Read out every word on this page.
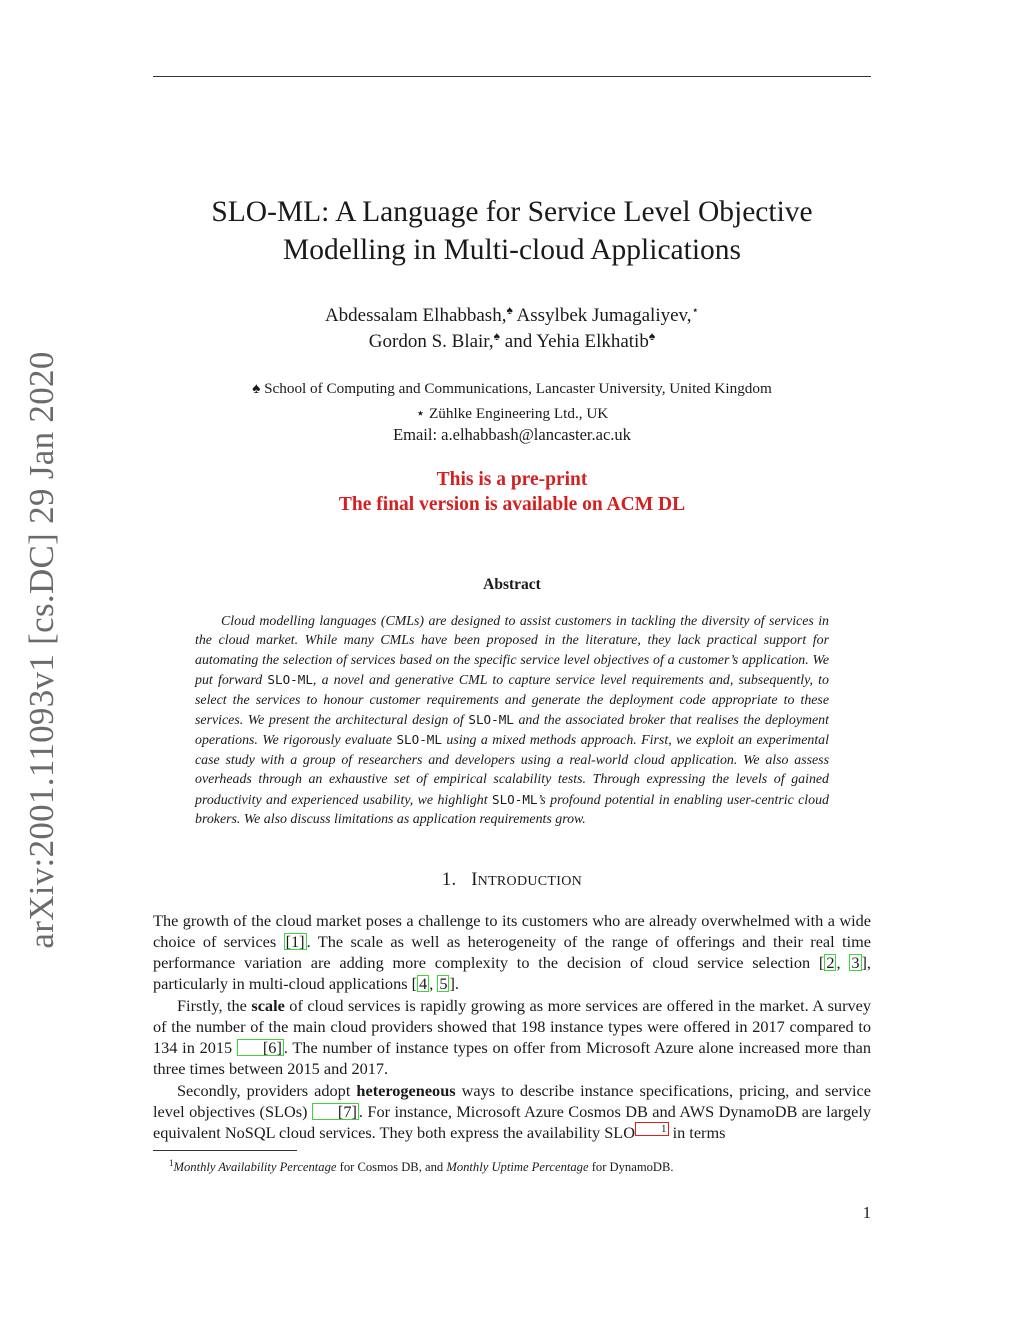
arXiv:2001.11093v1 [cs.DC] 29 Jan 2020
SLO-ML: A Language for Service Level Objective
Modelling in Multi-cloud Applications
Abdessalam Elhabbash,♠ Assylbek Jumagaliyev,⋆
Gordon S. Blair,♠ and Yehia Elkhatib♠
♠ School of Computing and Communications, Lancaster University, United Kingdom
⋆ Zühlke Engineering Ltd., UK
Email: a.elhabbash@lancaster.ac.uk
This is a pre-print
The final version is available on ACM DL
Abstract
Cloud modelling languages (CMLs) are designed to assist customers in tackling the diversity of services in the cloud market. While many CMLs have been proposed in the literature, they lack practical support for automating the selection of services based on the specific service level objectives of a customer’s application. We put forward SLO-ML, a novel and generative CML to capture service level requirements and, subsequently, to select the services to honour customer requirements and generate the deployment code appropriate to these services. We present the architectural design of SLO-ML and the associated broker that realises the deployment operations. We rigorously evaluate SLO-ML using a mixed methods approach. First, we exploit an experimental case study with a group of researchers and developers using a real-world cloud application. We also assess overheads through an exhaustive set of empirical scalability tests. Through expressing the levels of gained productivity and experienced usability, we highlight SLO-ML’s profound potential in enabling user-centric cloud brokers. We also discuss limitations as application requirements grow.
1. INTRODUCTION

The growth of the cloud market poses a challenge to its customers who are already overwhelmed with a wide choice of services [1] . The scale as well as heterogeneity of the range of offerings and their real time performance variation are adding more complexity to the decision of cloud service selection [ 2 , 3 ], particularly in multi-cloud applications [ 4 , 5 ].

Firstly, the scale of cloud services is rapidly growing as more services are offered in the market. A survey of the number of the main cloud providers showed that 198 instance types were offered in 2017 compared to 134 in 2015 [6] . The number of instance types on offer from Microsoft Azure alone increased more than three times between 2015 and 2017.

Secondly, providers adopt heterogeneous ways to describe instance specifications, pricing, and service level objectives (SLOs) [7] . For instance, Microsoft Azure Cosmos DB and AWS DynamoDB are largely equivalent NoSQL cloud services. They both express the availability SLO 1 in terms

$^1$Monthly Availability Percentage for Cosmos DB, and Monthly Uptime Percentage for DynamoDB.
1
